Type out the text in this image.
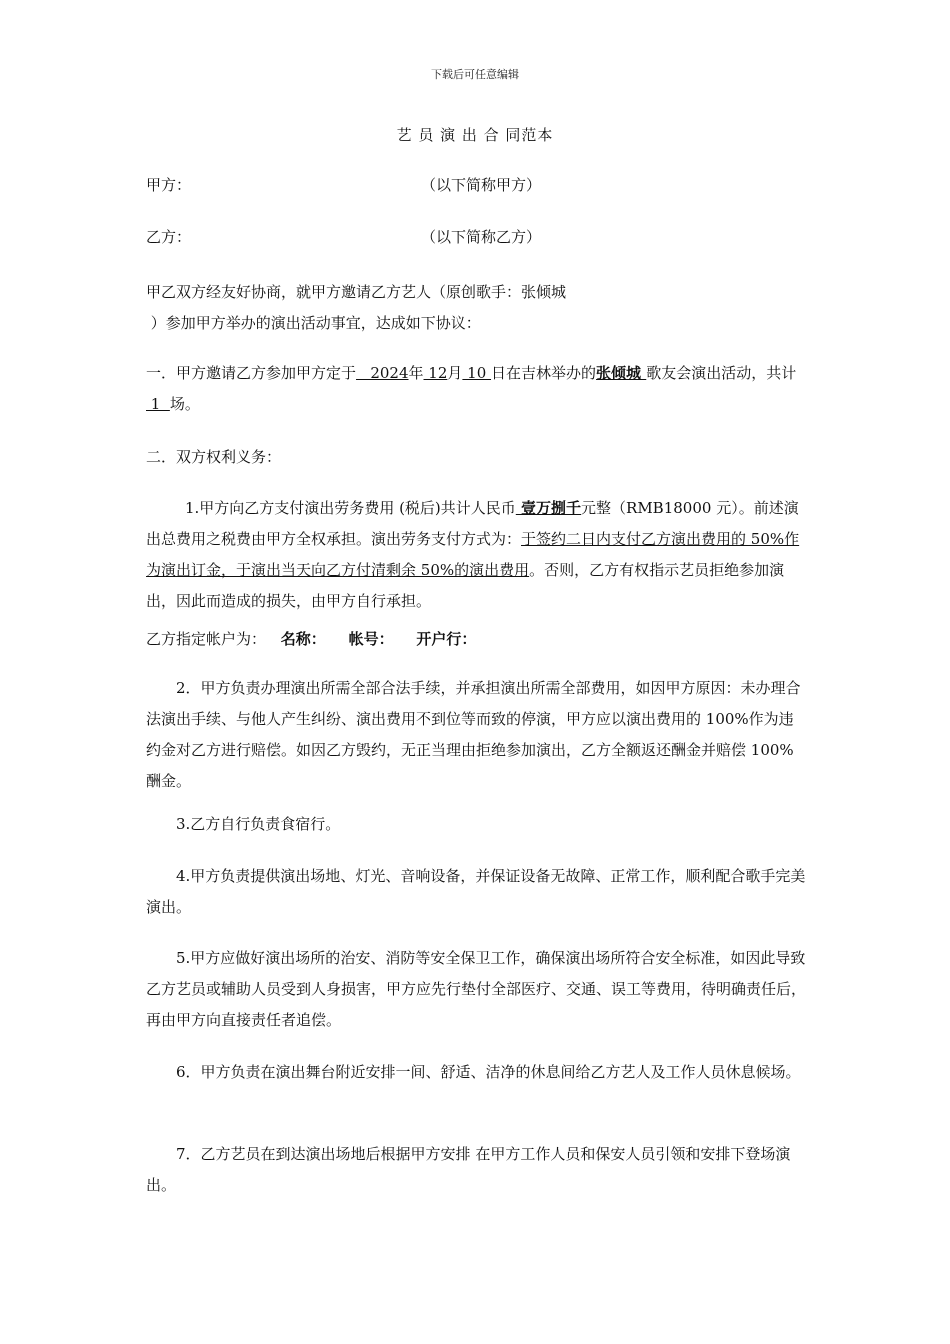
下载后可任意编辑
艺 员 演 出 合 同范本
甲方：	（以下简称甲方）
乙方：	（以下简称乙方）
甲乙双方经友好协商，就甲方邀请乙方艺人（原创歌手：张倾城 ）参加甲方举办的演出活动事宜，达成如下协议：
一．甲方邀请乙方参加甲方定于   2024年 12月 10 日在吉林举办的张倾城 歌友会演出活动，共计 1  场。
二．双方权利义务：
1.甲方向乙方支付演出劳务费用 (税后)共计人民币 壹万捌千元整（RMB18000 元）。前述演出总费用之税费由甲方全权承担。演出劳务支付方式为：于签约二日内支付乙方演出费用的 50%作为演出订金，于演出当天向乙方付清剩余 50%的演出费用。否则，乙方有权指示艺员拒绝参加演出，因此而造成的损失，由甲方自行承担。
乙方指定帐户为： 名称： 帐号： 开户行：
2．甲方负责办理演出所需全部合法手续，并承担演出所需全部费用，如因甲方原因：未办理合法演出手续、与他人产生纠纷、演出费用不到位等而致的停演，甲方应以演出费用的 100%作为违约金对乙方进行赔偿。如因乙方毁约，无正当理由拒绝参加演出，乙方全额返还酬金并赔偿 100%酬金。
3.乙方自行负责食宿行。
4.甲方负责提供演出场地、灯光、音响设备，并保证设备无故障、正常工作，顺利配合歌手完美演出。
5.甲方应做好演出场所的治安、消防等安全保卫工作，确保演出场所符合安全标准，如因此导致乙方艺员或辅助人员受到人身损害，甲方应先行垫付全部医疗、交通、误工等费用，待明确责任后，再由甲方向直接责任者追偿。
6．甲方负责在演出舞台附近安排一间、舒适、洁净的休息间给乙方艺人及工作人员休息候场。
7．乙方艺员在到达演出场地后根据甲方安排 在甲方工作人员和保安人员引领和安排下登场演出。
